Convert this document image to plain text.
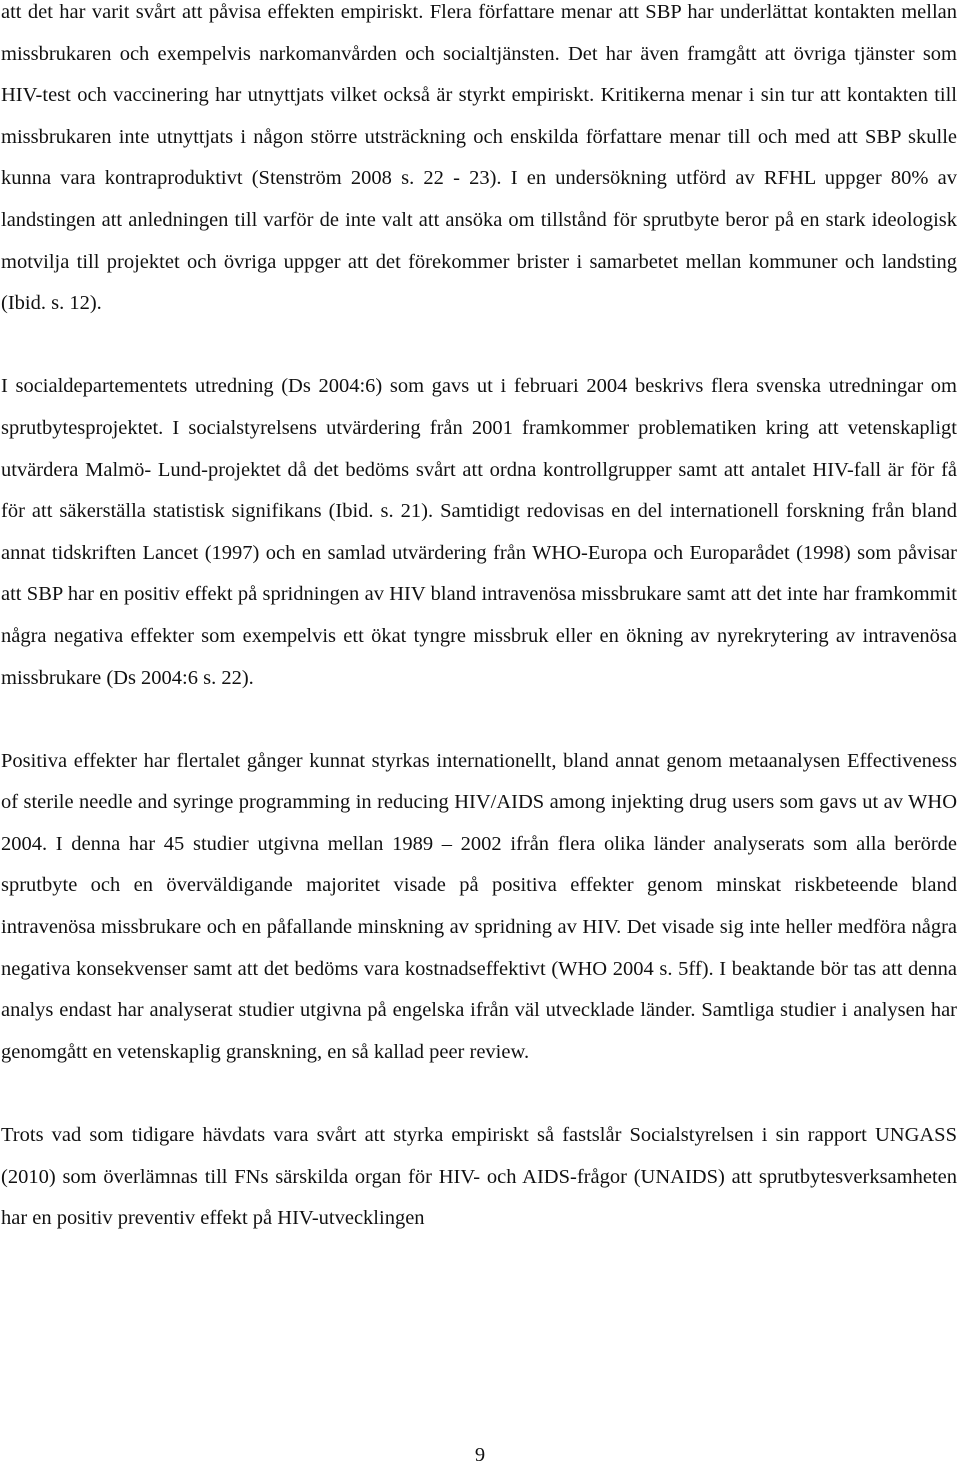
att det har varit svårt att påvisa effekten empiriskt. Flera författare menar att SBP har underlättat kontakten mellan missbrukaren och exempelvis narkomanvården och socialtjänsten. Det har även framgått att övriga tjänster som HIV-test och vaccinering har utnyttjats vilket också är styrkt empiriskt. Kritikerna menar i sin tur att kontakten till missbrukaren inte utnyttjats i någon större utsträckning och enskilda författare menar till och med att SBP skulle kunna vara kontraproduktivt (Stenström 2008 s. 22 - 23). I en undersökning utförd av RFHL uppger 80% av landstingen att anledningen till varför de inte valt att ansöka om tillstånd för sprutbyte beror på en stark ideologisk motvilja till projektet och övriga uppger att det förekommer brister i samarbetet mellan kommuner och landsting (Ibid. s. 12).

I socialdepartementets utredning (Ds 2004:6) som gavs ut i februari 2004 beskrivs flera svenska utredningar om sprutbytesprojektet. I socialstyrelsens utvärdering från 2001 framkommer problematiken kring att vetenskapligt utvärdera Malmö- Lund-projektet då det bedöms svårt att ordna kontrollgrupper samt att antalet HIV-fall är för få för att säkerställa statistisk signifikans (Ibid. s. 21). Samtidigt redovisas en del internationell forskning från bland annat tidskriften Lancet (1997) och en samlad utvärdering från WHO-Europa och Europarådet (1998) som påvisar att SBP har en positiv effekt på spridningen av HIV bland intravenösa missbrukare samt att det inte har framkommit några negativa effekter som exempelvis ett ökat tyngre missbruk eller en ökning av nyrekrytering av intravenösa missbrukare (Ds 2004:6 s. 22).

Positiva effekter har flertalet gånger kunnat styrkas internationellt, bland annat genom metaanalysen Effectiveness of sterile needle and syringe programming in reducing HIV/AIDS among injekting drug users som gavs ut av WHO 2004. I denna har 45 studier utgivna mellan 1989 – 2002 ifrån flera olika länder analyserats som alla berörde sprutbyte och en överväldigande majoritet visade på positiva effekter genom minskat riskbeteende bland intravenösa missbrukare och en påfallande minskning av spridning av HIV. Det visade sig inte heller medföra några negativa konsekvenser samt att det bedöms vara kostnadseffektivt (WHO 2004 s. 5ff). I beaktande bör tas att denna analys endast har analyserat studier utgivna på engelska ifrån väl utvecklade länder. Samtliga studier i analysen har genomgått en vetenskaplig granskning, en så kallad peer review.

Trots vad som tidigare hävdats vara svårt att styrka empiriskt så fastslår Socialstyrelsen i sin rapport UNGASS (2010) som överlämnas till FNs särskilda organ för HIV- och AIDS-frågor (UNAIDS) att sprutbytesverksamheten har en positiv preventiv effekt på HIV-utvecklingen

9
